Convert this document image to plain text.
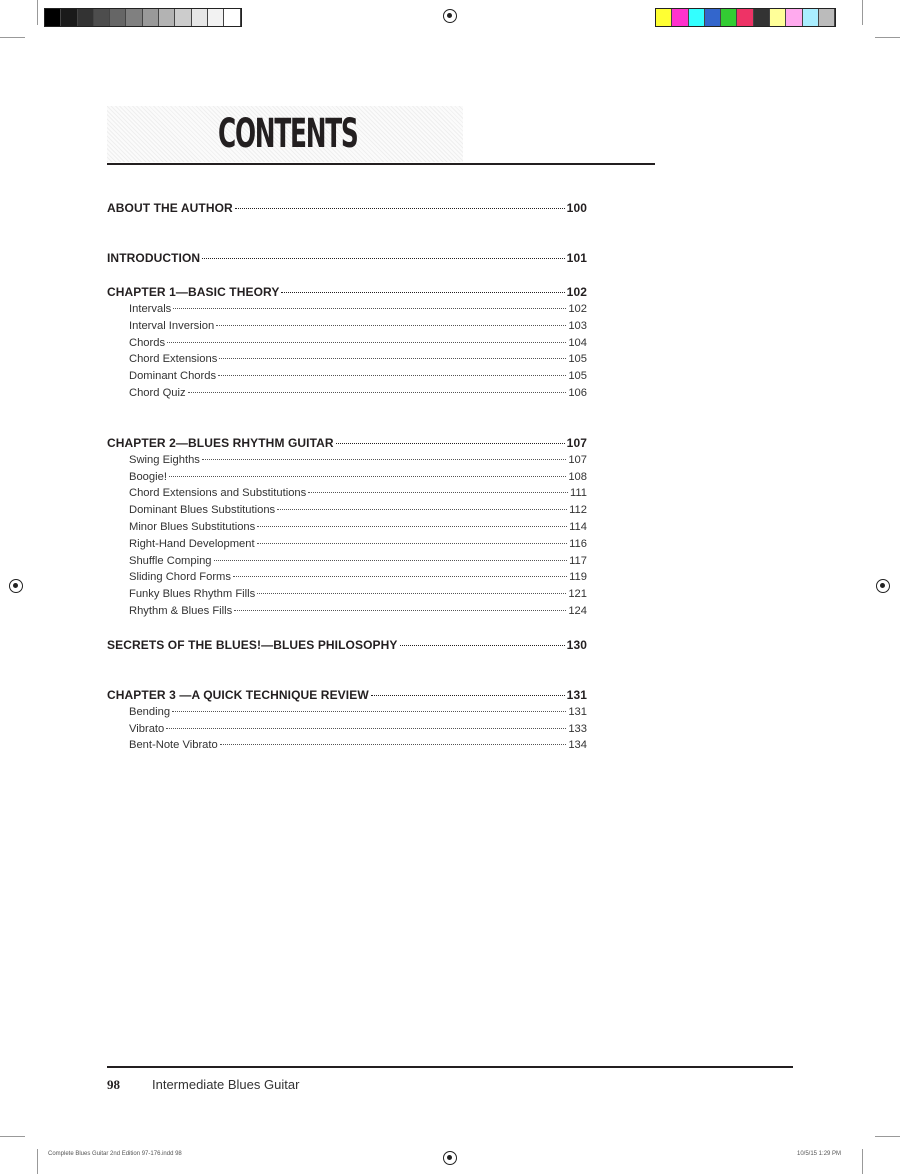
Complete Blues Guitar 2nd Edition 97-176.indd 98	10/5/15 1:29 PM
CONTENTS
ABOUT THE AUTHOR	100
INTRODUCTION	101
CHAPTER 1—BASIC THEORY	102
Intervals	102
Interval Inversion	103
Chords	104
Chord Extensions	105
Dominant Chords	105
Chord Quiz	106
CHAPTER 2—BLUES RHYTHM GUITAR	107
Swing Eighths	107
Boogie!	108
Chord Extensions and Substitutions	111
Dominant Blues Substitutions	112
Minor Blues Substitutions	114
Right-Hand Development	116
Shuffle Comping	117
Sliding Chord Forms	119
Funky Blues Rhythm Fills	121
Rhythm & Blues Fills	124
SECRETS OF THE BLUES!—BLUES PHILOSOPHY	130
CHAPTER 3 —A QUICK TECHNIQUE REVIEW	131
Bending	131
Vibrato	133
Bent-Note Vibrato	134
98 Intermediate Blues Guitar
